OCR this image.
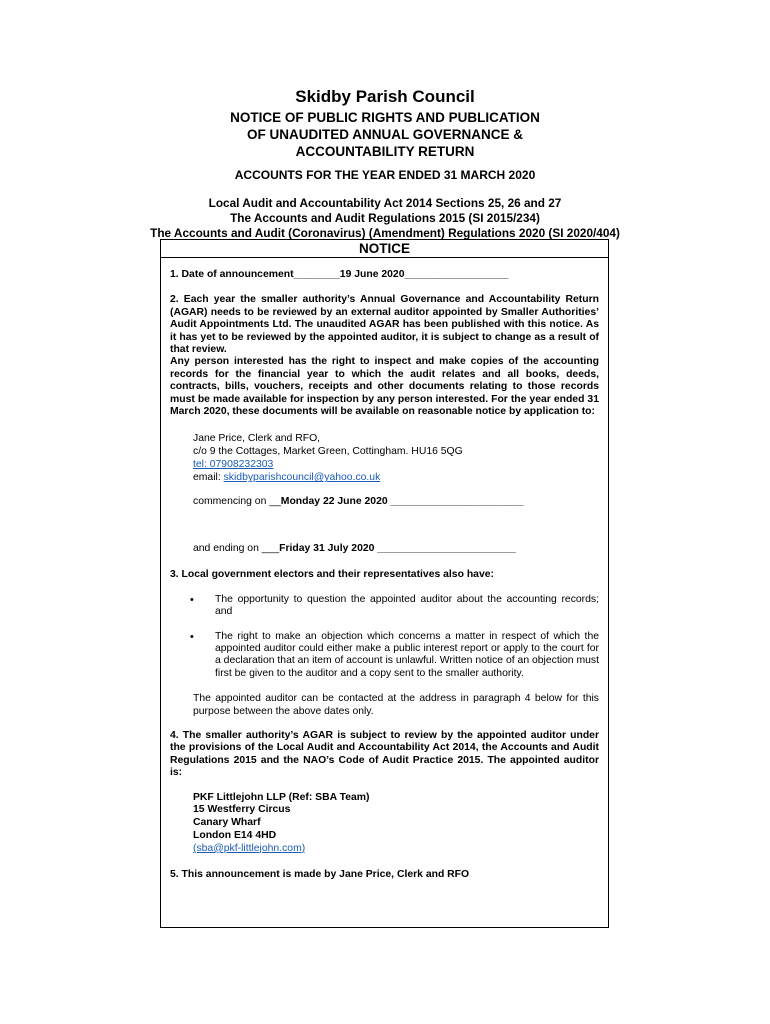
Skidby Parish Council
NOTICE OF PUBLIC RIGHTS AND PUBLICATION
OF UNAUDITED ANNUAL GOVERNANCE &
ACCOUNTABILITY RETURN
ACCOUNTS FOR THE YEAR ENDED 31 MARCH 2020
Local Audit and Accountability Act 2014 Sections 25, 26 and 27
The Accounts and Audit Regulations 2015 (SI 2015/234)
The Accounts and Audit (Coronavirus) (Amendment) Regulations 2020 (SI 2020/404)
NOTICE
1. Date of announcement________19 June 2020__________________
2. Each year the smaller authority’s Annual Governance and Accountability Return (AGAR) needs to be reviewed by an external auditor appointed by Smaller Authorities’ Audit Appointments Ltd. The unaudited AGAR has been published with this notice. As it has yet to be reviewed by the appointed auditor, it is subject to change as a result of that review.
Any person interested has the right to inspect and make copies of the accounting records for the financial year to which the audit relates and all books, deeds, contracts, bills, vouchers, receipts and other documents relating to those records must be made available for inspection by any person interested. For the year ended 31 March 2020, these documents will be available on reasonable notice by application to:
Jane Price, Clerk and RFO,
c/o 9 the Cottages, Market Green, Cottingham. HU16 5QG
tel: 07908232303
email: skidbyparishcouncil@yahoo.co.uk
commencing on __Monday 22 June 2020 _______________________
and ending on ___Friday 31 July 2020 ________________________
3. Local government electors and their representatives also have:
• The opportunity to question the appointed auditor about the accounting records; and
• The right to make an objection which concerns a matter in respect of which the appointed auditor could either make a public interest report or apply to the court for a declaration that an item of account is unlawful. Written notice of an objection must first be given to the auditor and a copy sent to the smaller authority.
The appointed auditor can be contacted at the address in paragraph 4 below for this purpose between the above dates only.
4. The smaller authority’s AGAR is subject to review by the appointed auditor under the provisions of the Local Audit and Accountability Act 2014, the Accounts and Audit Regulations 2015 and the NAO’s Code of Audit Practice 2015. The appointed auditor is:
PKF Littlejohn LLP (Ref: SBA Team)
15 Westferry Circus
Canary Wharf
London E14 4HD
(sba@pkf-littlejohn.com)
5. This announcement is made by Jane Price, Clerk and RFO
